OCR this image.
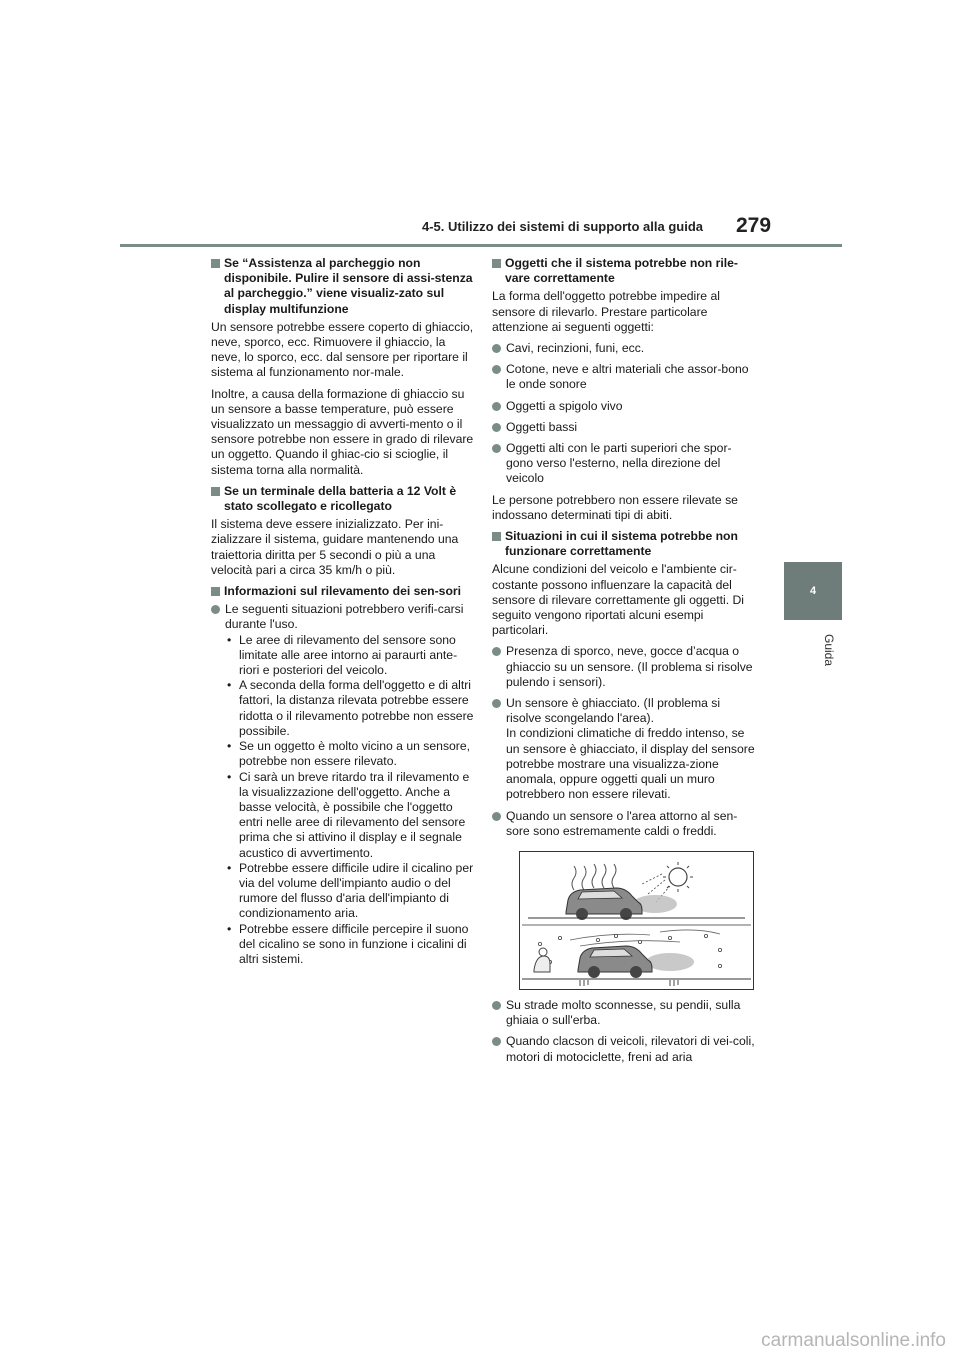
4-5. Utilizzo dei sistemi di supporto alla guida 279
4
Guida
Se “Assistenza al parcheggio non disponibile. Pulire il sensore di assi-stenza al parcheggio.” viene visualiz-zato sul display multifunzione

Un sensore potrebbe essere coperto di ghiaccio, neve, sporco, ecc. Rimuovere il ghiaccio, la neve, lo sporco, ecc. dal sensore per riportare il sistema al funzionamento nor-male.

Inoltre, a causa della formazione di ghiaccio su un sensore a basse temperature, può essere visualizzato un messaggio di avverti-mento o il sensore potrebbe non essere in grado di rilevare un oggetto. Quando il ghiac-cio si scioglie, il sistema torna alla normalità.

Se un terminale della batteria a 12 Volt è stato scollegato e ricollegato

Il sistema deve essere inizializzato. Per ini-zializzare il sistema, guidare mantenendo una traiettoria diritta per 5 secondi o più a una velocità pari a circa 35 km/h o più.

Informazioni sul rilevamento dei sen-sori
Le seguenti situazioni potrebbero verifi-carsi durante l'uso.
• Le aree di rilevamento del sensore sono limitate alle aree intorno ai paraurti ante-riori e posteriori del veicolo.
• A seconda della forma dell'oggetto e di altri fattori, la distanza rilevata potrebbe essere ridotta o il rilevamento potrebbe non essere possibile.
• Se un oggetto è molto vicino a un sensore, potrebbe non essere rilevato.
• Ci sarà un breve ritardo tra il rilevamento e la visualizzazione dell'oggetto. Anche a basse velocità, è possibile che l'oggetto entri nelle aree di rilevamento del sensore prima che si attivino il display e il segnale acustico di avvertimento.
• Potrebbe essere difficile udire il cicalino per via del volume dell'impianto audio o del rumore del flusso d'aria dell'impianto di condizionamento aria.
• Potrebbe essere difficile percepire il suono del cicalino se sono in funzione i cicalini di altri sistemi.
Oggetti che il sistema potrebbe non rile-vare correttamente

La forma dell'oggetto potrebbe impedire al sensore di rilevarlo. Prestare particolare attenzione ai seguenti oggetti:

Cavi, recinzioni, funi, ecc.
Cotone, neve e altri materiali che assor-bono le onde sonore
Oggetti a spigolo vivo
Oggetti bassi
Oggetti alti con le parti superiori che spor-gono verso l'esterno, nella direzione del veicolo

Le persone potrebbero non essere rilevate se indossano determinati tipi di abiti.

Situazioni in cui il sistema potrebbe non funzionare correttamente

Alcune condizioni del veicolo e l'ambiente cir-costante possono influenzare la capacità del sensore di rilevare correttamente gli oggetti. Di seguito vengono riportati alcuni esempi particolari.

Presenza di sporco, neve, gocce d’acqua o ghiaccio su un sensore. (Il problema si risolve pulendo i sensori).
Un sensore è ghiacciato. (Il problema si risolve scongelando l'area).
In condizioni climatiche di freddo intenso, se un sensore è ghiacciato, il display del sensore potrebbe mostrare una visualizza-zione anomala, oppure oggetti quali un muro potrebbero non essere rilevati.
Quando un sensore o l'area attorno al sen-sore sono estremamente caldi o freddi.
Su strade molto sconnesse, su pendii, sulla ghiaia o sull'erba.
Quando clacson di veicoli, rilevatori di vei-coli, motori di motociclette, freni ad aria
carmanualsonline.info
